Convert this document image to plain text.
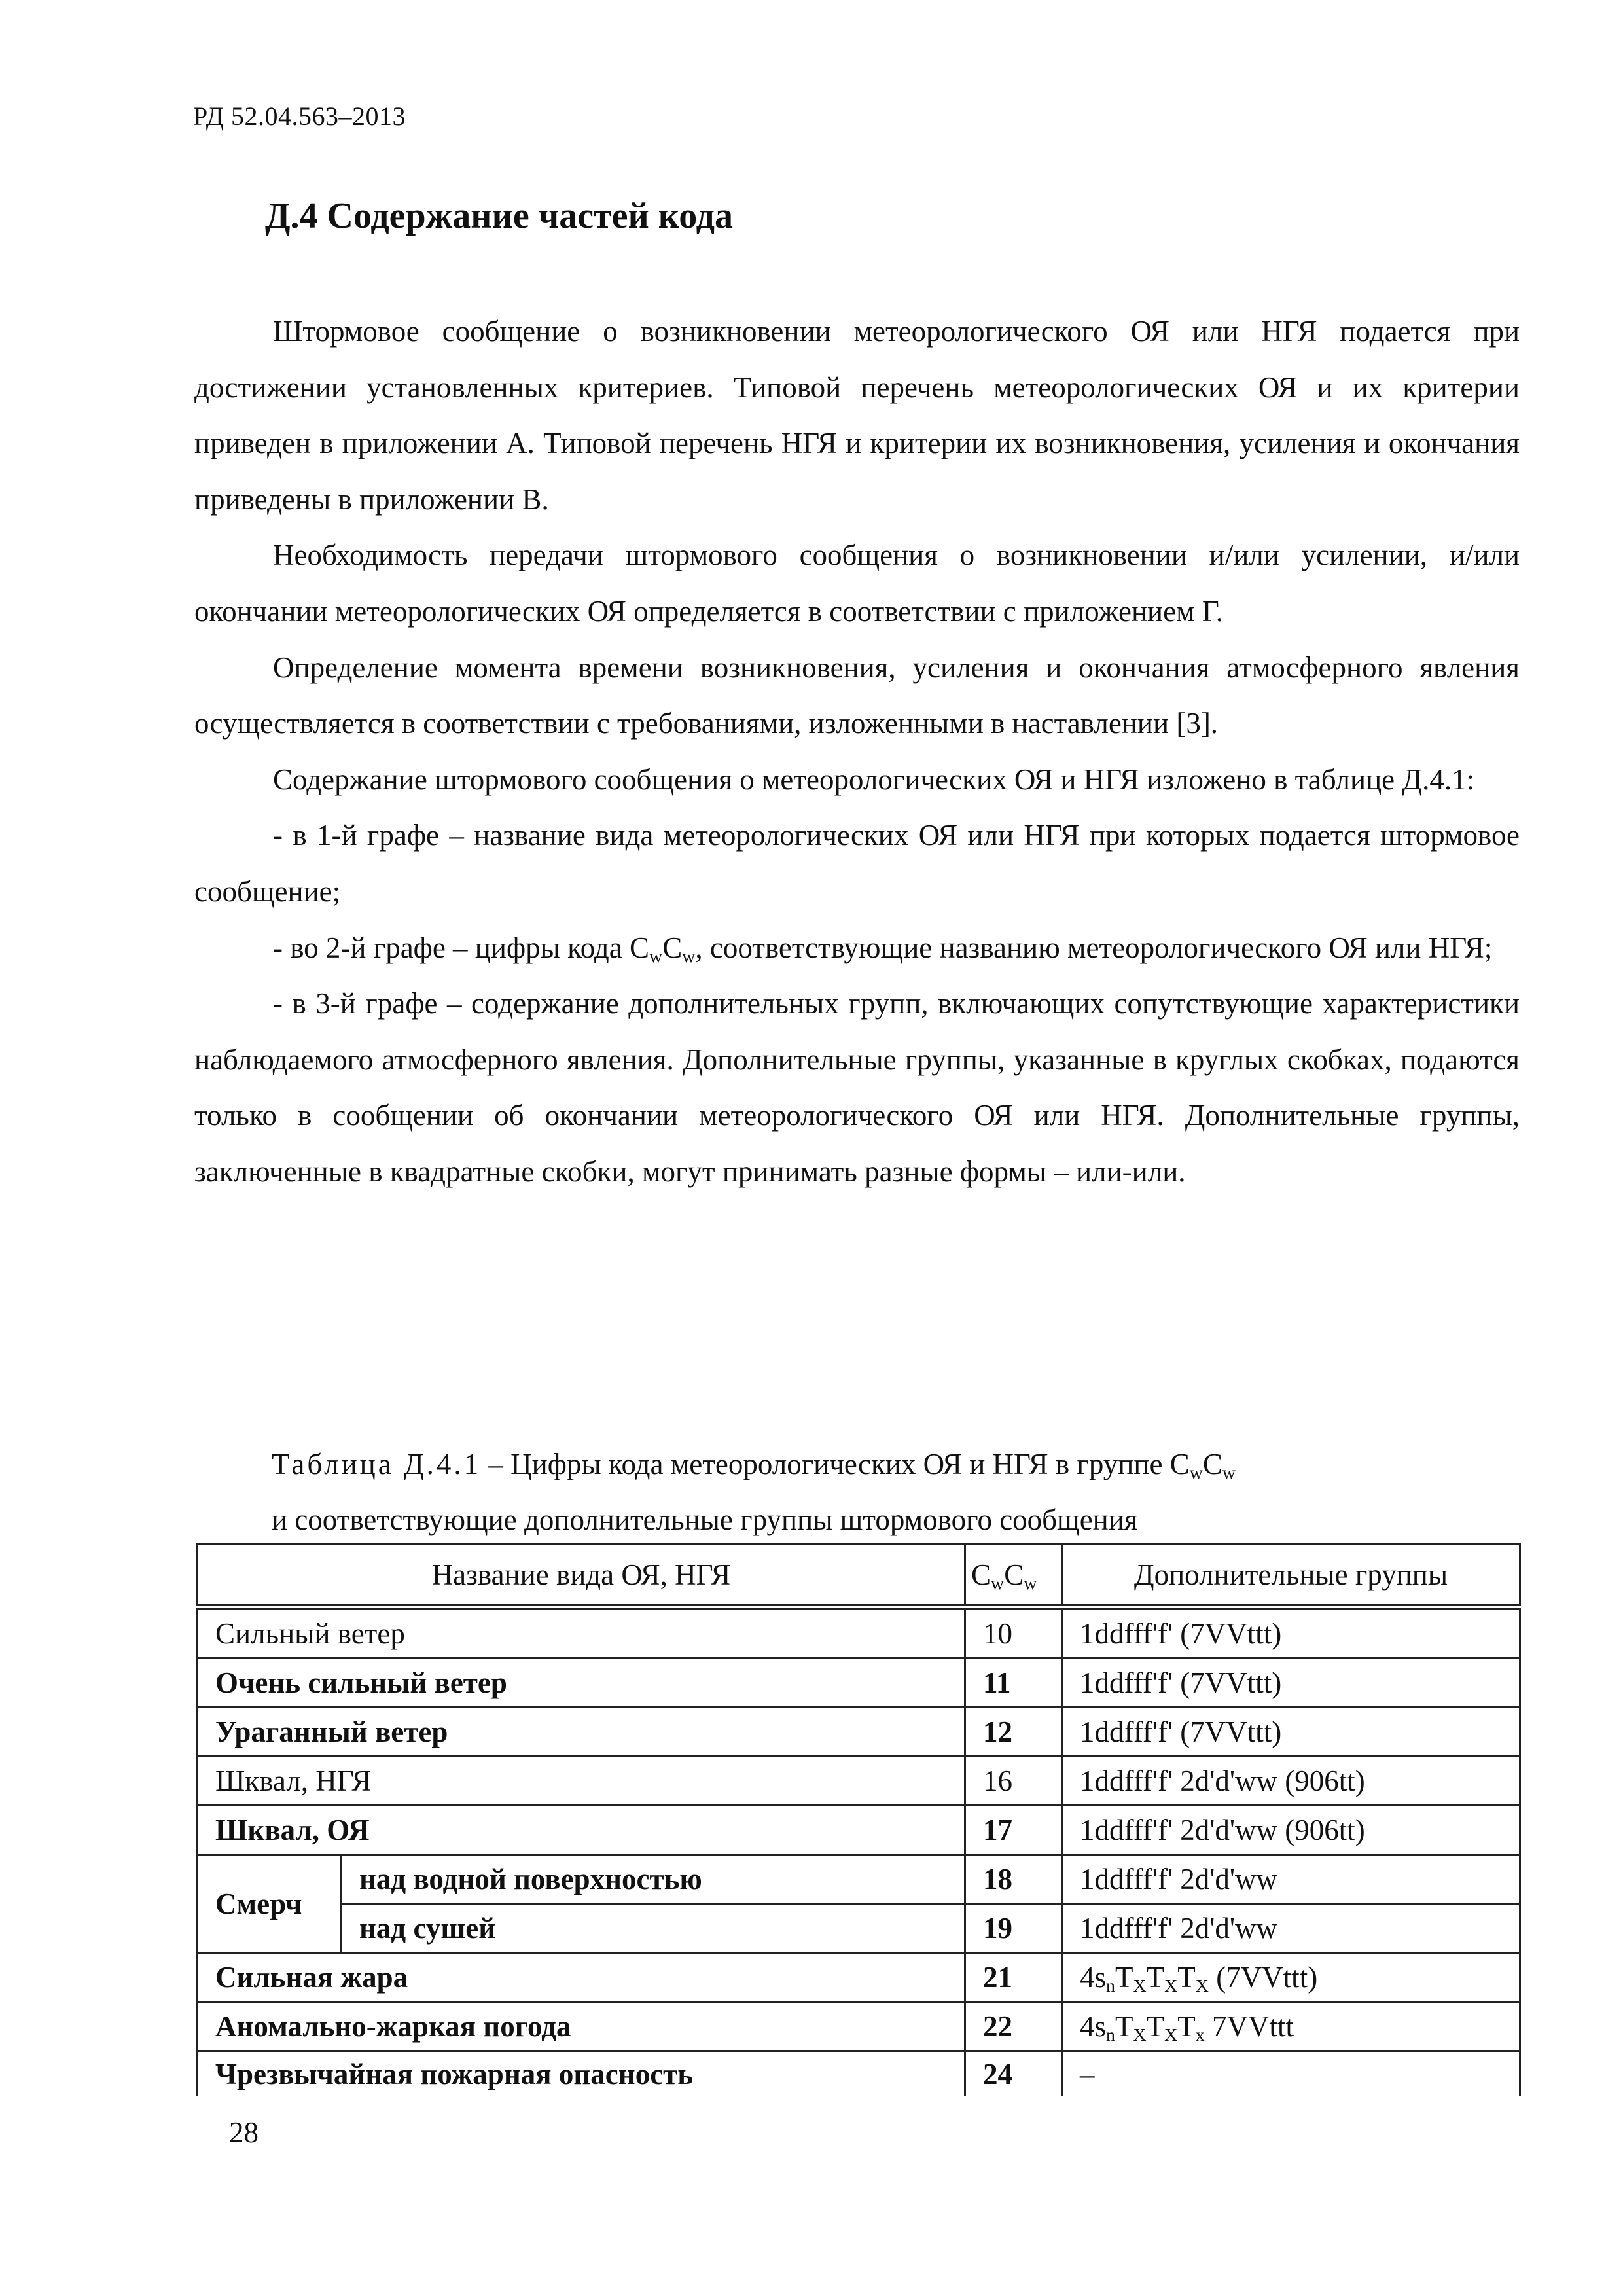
РД 52.04.563–2013
Д.4 Содержание частей кода

Штормовое сообщение о возникновении метеорологического ОЯ или НГЯ подается при достижении установленных критериев. Типовой перечень метеорологических ОЯ и их критерии приведен в приложении А. Типовой перечень НГЯ и критерии их возникновения, усиления и окончания приведены в приложении В.

Необходимость передачи штормового сообщения о возникновении и/или усилении, и/или окончании метеорологических ОЯ определяется в соответствии с приложением Г.

Определение момента времени возникновения, усиления и окончания атмосферного явления осуществляется в соответствии с требованиями, изложенными в наставлении [3].

Содержание штормового сообщения о метеорологических ОЯ и НГЯ изложено в таблице Д.4.1:

- в 1-й графе – название вида метеорологических ОЯ или НГЯ при которых подается штормовое сообщение;

- во 2-й графе – цифры кода $C_wC_w$, соответствующие названию метеорологического ОЯ или НГЯ;

- в 3-й графе – содержание дополнительных групп, включающих сопутствующие характеристики наблюдаемого атмосферного явления. Дополнительные группы, указанные в круглых скобках, подаются только в сообщении об окончании метеорологического ОЯ или НГЯ. Дополнительные группы, заключенные в квадратные скобки, могут принимать разные формы – или-или.

Таблица Д.4.1 – Цифры кода метеорологических ОЯ и НГЯ в группе $C_wC_w$
и соответствующие дополнительные группы штормового сообщения
Название вида ОЯ, НГЯ		$C_wC_w$	Дополнительные группы
Сильный ветер		10	1ddfff'f' (7VVttt)
Очень сильный ветер		11	1ddfff'f' (7VVttt)
Ураганный ветер		12	1ddfff'f' (7VVttt)
Шквал, НГЯ		16	1ddfff'f' 2d'd'ww (906tt)
Шквал, ОЯ		17	1ddfff'f' 2d'd'ww (906tt)
Смерч	над водной поверхностью	18	1ddfff'f' 2d'd'ww
	над сушей	19	1ddfff'f' 2d'd'ww
Сильная жара		21	$4s_nT_XT_XT_X$ (7VVttt)
Аномально-жаркая погода		22	$4s_nT_XT_XT_x$ 7VVttt
Чрезвычайная пожарная опасность		24	–
28
